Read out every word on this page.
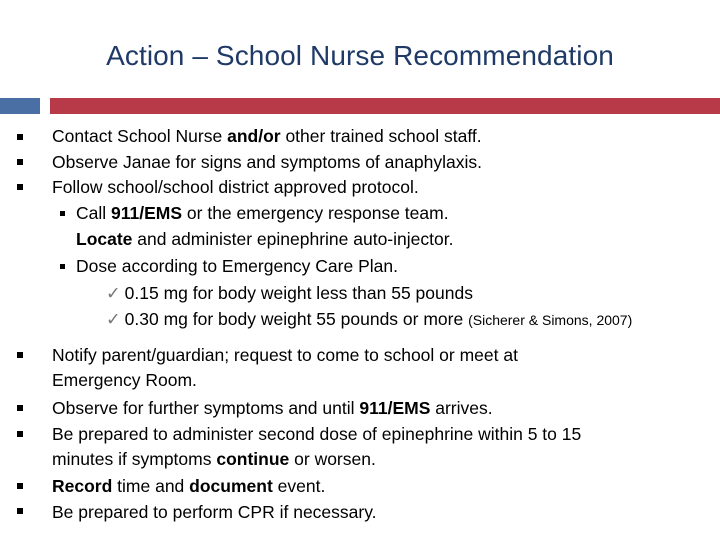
Action – School Nurse Recommendation
Contact School Nurse and/or other trained school staff.
Observe Janae for signs and symptoms of anaphylaxis.
Follow school/school district approved protocol.
Call 911/EMS or the emergency response team.
Locate and administer epinephrine auto-injector.
Dose according to Emergency Care Plan.
✓ 0.15 mg for body weight less than 55 pounds
✓ 0.30 mg for body weight 55 pounds or more (Sicherer & Simons, 2007)
Notify parent/guardian; request to come to school or meet at
Emergency Room.
Observe for further symptoms and until 911/EMS arrives.
Be prepared to administer second dose of epinephrine within 5 to 15
minutes if symptoms continue or worsen.
Record time and document event.
Be prepared to perform CPR if necessary.
